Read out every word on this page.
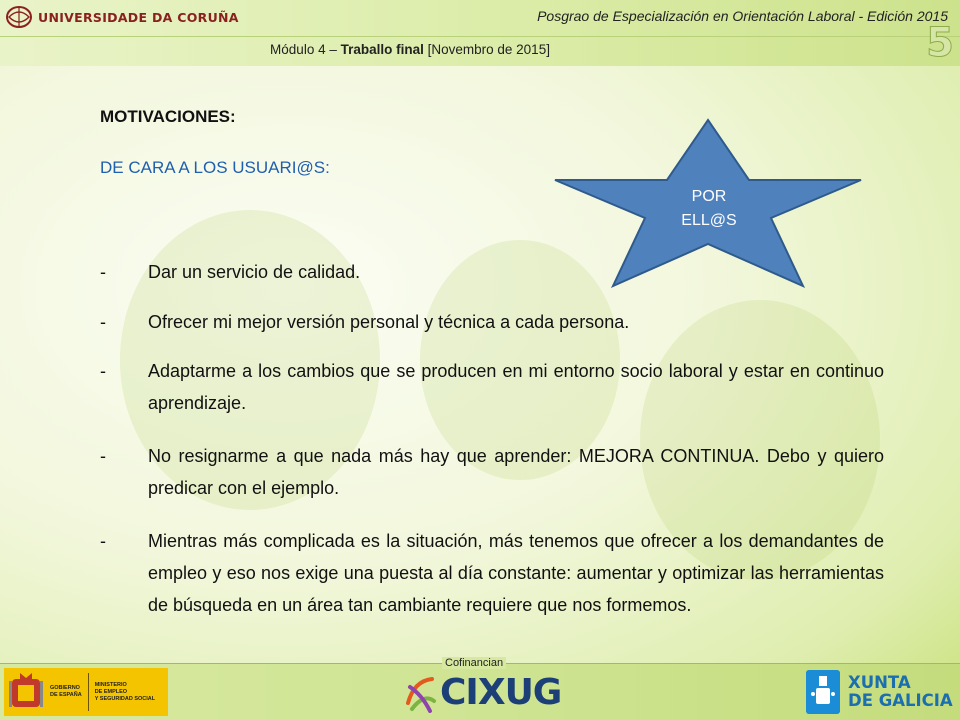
UNIVERSIDADE DA CORUÑA	Posgrao de Especialización en Orientación Laboral - Edición 2015
Módulo 4 – Traballo final [Novembro de 2015]	5
MOTIVACIONES:
DE CARA A LOS USUARI@S:
-	Dar un servicio de calidad.
-	Ofrecer mi mejor versión personal y técnica a cada persona.
-	Adaptarme a los cambios que se producen en mi entorno socio laboral y estar en continuo aprendizaje.
-	No resignarme a que nada más hay que aprender: MEJORA CONTINUA. Debo y quiero predicar con el ejemplo.
-	Mientras más complicada es la situación, más tenemos que ofrecer a los demandantes de empleo y eso nos exige una puesta al día constante: aumentar y optimizar las herramientas de búsqueda en un área tan cambiante requiere que nos formemos.
POR
ELL@S
Cofinancian
GOBIERNO
DE ESPAÑA
MINISTERIO
DE EMPLEO
Y SEGURIDAD SOCIAL	CIXUG	XUNTA
DE GALICIA
